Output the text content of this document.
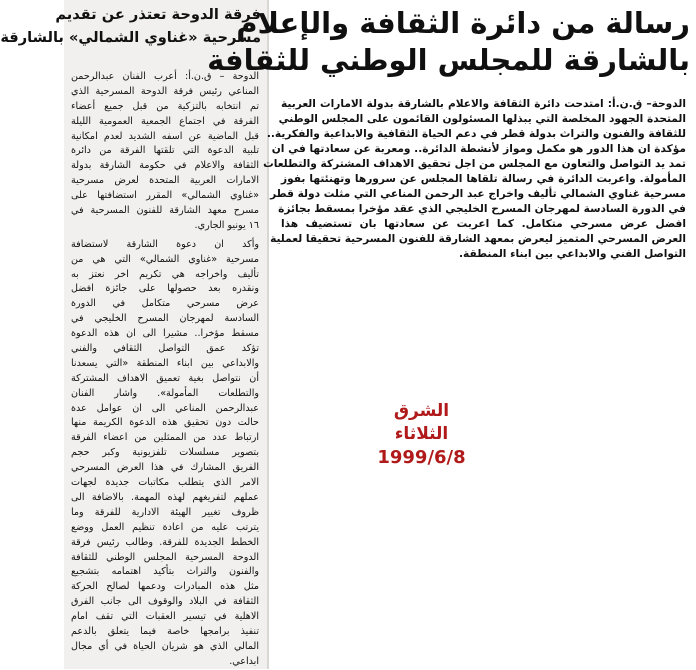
فرقة الدوحة تعتذر عن تقديم
مسرحية «غناوي الشمالي» بالشارقة
الدوحة – ق.ن.أ: أعرب الفنان عبدالرحمن
المناعي رئيس فرقة الدوحة المسرحية الذي
تم انتخابه بالتزكية من قبل جميع أعضاء
الفرقة في اجتماع الجمعية العمومية الليلة
قبل الماضية عن اسفه الشديد لعدم امكانية
تلبية الدعوة التي تلقتها الفرقة من دائرة
الثقافة والاعلام في حكومة الشارقة بدولة
الامارات العربية المتحدة لعرض مسرحية
«غناوي الشمالي» المقرر استضافتها على
مسرح معهد الشارقة للفنون المسرحية في
١٦ يونيو الجاري.
وأكد ان دعوة الشارقة لاستضافة
مسرحية «غناوي الشمالي» التي هي من
تأليف واخراجه هي تكريم اخر نعتز به
ونقدره بعد حصولها على جائزة افضل
عرض مسرحي متكامل في الدورة
السادسة لمهرجان المسرح الخليجي في
مسقط مؤخرا.. مشيرا الى ان هذه الدعوة
تؤكد عمق التواصل الثقافي والفني
والابداعي بين ابناء المنطقة «التي يسعدنا
أن نتواصل بغية تعميق الاهداف المشتركة
والتطلعات المأمولة». واشار الفنان
عبدالرحمن المناعي الى ان عوامل عدة
حالت دون تحقيق هذه الدعوة الكريمة منها
ارتباط عدد من الممثلين من اعضاء الفرقة
بتصوير مسلسلات تلفزيونية وكبر حجم
الفريق المشارك في هذا العرض المسرحي
الامر الذي يتطلب مكاتبات جديدة لجهات
عملهم لتفريغهم لهذه المهمة. بالاضافة الى
ظروف تغيير الهيئة الادارية للفرقة وما
يترتب عليه من اعادة تنظيم العمل ووضع
الخطط الجديدة للفرقة. وطالب رئيس فرقة
الدوحة المسرحية المجلس الوطني للثقافة
والفنون والتراث بتأكيد اهتمامه بتشجيع
مثل هذه المبادرات ودعمها لصالح الحركة
الثقافة في البلاد والوقوف الى جانب الفرق
الاهلية في تيسير العقبات التي تقف امام
تنفيذ برامجها خاصة فيما يتعلق بالدعم
المالي الذي هو شريان الحياة في أي مجال
ابداعي.
رسالة من دائرة الثقافة والإعلام
بالشارقة للمجلس الوطني للثقافة
الدوحة– ق.ن.أ: امتدحت دائرة الثقافة والاعلام بالشارقة بدولة الامارات العربية
المتحدة الجهود المخلصة التي يبذلها المسئولون القائمون على المجلس الوطني
للثقافة والفنون والتراث بدولة قطر في دعم الحياة الثقافية والابداعية والفكرية..
مؤكدة ان هذا الدور هو مكمل ومواز لأنشطة الدائرة.. ومعربة عن سعادتها في ان
تمد يد التواصل والتعاون مع المجلس من اجل تحقيق الاهداف المشتركة والتطلعات
المأمولة. واعربت الدائرة في رسالة تلقاها المجلس عن سرورها وتهنئتها بفوز
مسرحية غناوي الشمالي تأليف واخراج عبد الرحمن المناعي التي مثلت دولة قطر
في الدورة السادسة لمهرجان المسرح الخليجي الذي عقد مؤخرا بمسقط بجائزة
افضل عرض مسرحي متكامل. كما اعربت عن سعادتها بان تستضيف هذا
العرض المسرحي المتميز ليعرض بمعهد الشارقة للفنون المسرحية تحقيقا لعملية
التواصل الفني والابداعي بين ابناء المنطقة.
الشرق
الثلاثاء
1999/6/8
